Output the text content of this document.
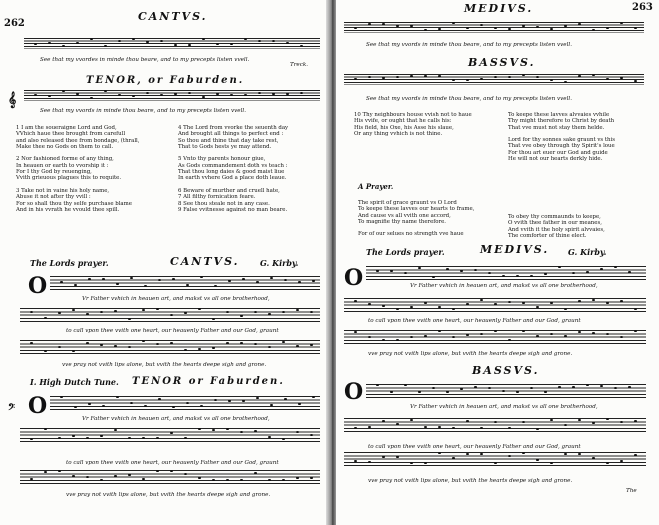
262
CANTVS.
See that my vvordes in minde thou beare, and to my precepts listen vvell.
TENOR, or Faburden.
Treck.
𝄞
See that my vvords in minde thou beare, and to my precepts listen vvell.
1 I am the soueraigne Lord and God,
VVhich haue thee brought from carefull
and also released thee from bondage, (thrall,
Make thee no Gods on them to call.

2 Nor fashioned forme of any thing,
In heauen or earth to vvorship it :
For I thy God by reuenging,
Vvith grieuous plagues this to requite.

3 Take not in vaine his holy name,
Abuse it not after thy vvill :
For so shall thou thy selfe purchase blame
And in his vvrath he vvould thee spill.
4 The Lord from vvorke the seuenth day
And brought all things to perfect end :
So thou and thine that day take rest,
That to Gods hests ye may attend.

5 Vnto thy parents honour giue,
As Gods commandement doth vs teach :
That thou long daies & good maist liue
In earth vvhere God a place doth leaue.

6 Beware of murther and cruell hate,
7 All filthy fornication feare.
8 See thou steale not in any case.
9 False vvitnesse against no man beare.
The Lords prayer.	CANTVS.	G. Kirby.
O	Vr Father vvhich in heauen art, and makst vs all one brotherhood,
to call vpon thee vvith one heart, our heauenly Father and our God, graunt
vve pray not vvith lips alone, but vvith the hearts deepe sigh and grone.
I. High Dutch Tune. TENOR or Faburden.
𝄢 O	Vr Father vvhich in heauen art, and makst vs all one brotherhood,
to call vpon thee vvith one heart, our heauenly Father and our God, graunt
vve pray not vvith lips alone, but vvith the hearts deepe sigh and grone.
263
MEDIVS.
See that my vvords in minde thou beare, and to my precepts listen vvell.
BASSVS.
See that my vvords in minde thou beare, and to my precepts listen vvell.
10 Thy neighbours house vvish not to haue
His vvife, or ought that he calls his:
His field, his Oxe, his Asse his slaue,
Or any thing vvhich is not thine.
To keepe these lavves alvvaies vvhile
Thy might therefore to Christ by death
That vve must not stay them helde.

Lord for thy sonnes sake graunt vs this
That vve obey through thy Spirit's loue
For thou art euer our God and guide
He will not our hearts derkly hide.
A Prayer.
The spirit of grace graunt vs O Lord
To keepe these lavves our hearts to frame,
And cause vs all vvith one accord,
To magnifie thy name therefore.

For of our selues no strength vve haue
To obey thy commaunds to keepe,
O vvith thee father in our meanes,
And vvith it the holy spirit alvvaies,
The comforter of thine elect.
The Lords prayer.	MEDIVS. G. Kirby.
O	Vr Father vvhich in heauen art, and makst vs all one brotherhood,
to call vpon thee vvith one heart, our heauenly Father and our God, graunt
vve pray not vvith lips alone, but vvith the hearts deepe sigh and grone.
BASSVS.
O
Vr Father vvhich in heauen art, and makst vs all one brotherhood,
to call vpon thee vvith one heart, our heauenly Father and our God, graunt
vve pray not vvith lips alone, but vvith the hearts deepe sigh and grone.
The
